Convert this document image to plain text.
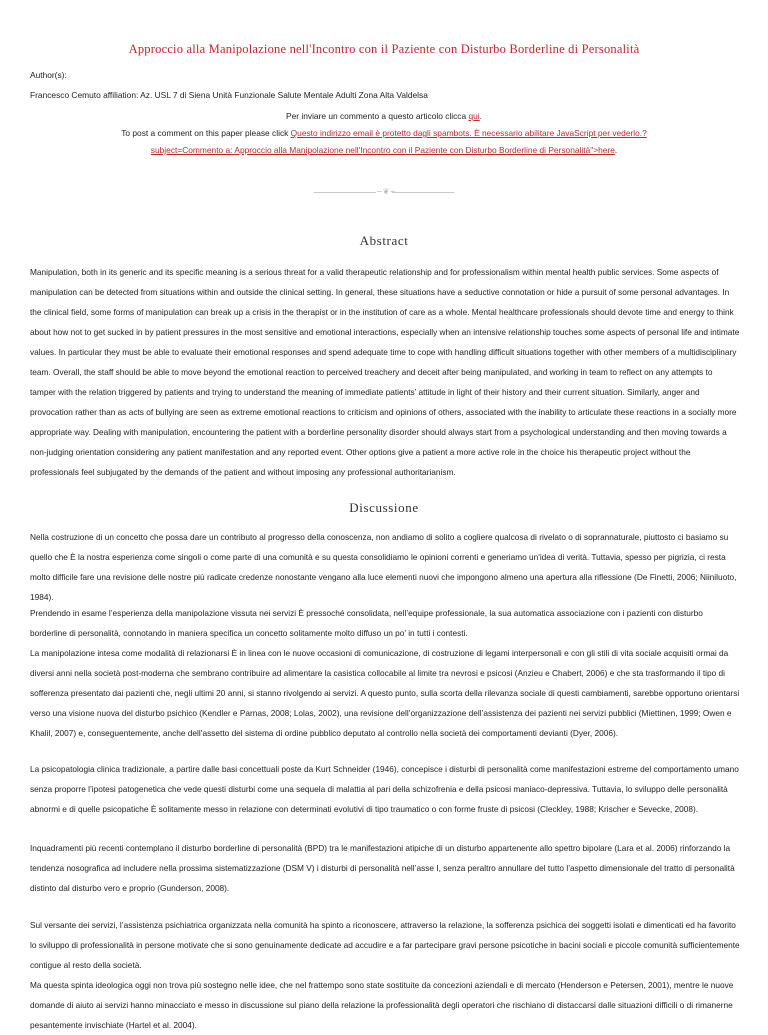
Approccio alla Manipolazione nell'Incontro con il Paziente con Disturbo Borderline di Personalità
Author(s):
Francesco Cemuto affiliation: Az. USL 7 di Siena Unità Funzionale Salute Mentale Adulti Zona Alta Valdelsa
Per inviare un commento a questo articolo clicca qui.
To post a comment on this paper please click Questo indirizzo email è protetto dagli spambots. È necessario abilitare JavaScript per vederlo.?
subject=Commento a: Approccio alla Manipolazione nell'Incontro con il Paziente con Disturbo Borderline di Personalità">here.
~❦~
Abstract

Manipulation, both in its generic and its specific meaning is a serious threat for a valid therapeutic relationship and for professionalism within mental health public services. Some aspects of manipulation can be detected from situations within and outside the clinical setting. In general, these situations have a seductive connotation or hide a pursuit of some personal advantages. In the clinical field, some forms of manipulation can break up a crisis in the therapist or in the institution of care as a whole. Mental healthcare professionals should devote time and energy to think about how not to get sucked in by patient pressures in the most sensitive and emotional interactions, especially when an intensive relationship touches some aspects of personal life and intimate values. In particular they must be able to evaluate their emotional responses and spend adequate time to cope with handling difficult situations together with other members of a multidisciplinary team. Overall, the staff should be able to move beyond the emotional reaction to perceived treachery and deceit after being manipulated, and working in team to reflect on any attempts to tamper with the relation triggered by patients and trying to understand the meaning of immediate patients’ attitude in light of their history and their current situation. Similarly, anger and provocation rather than as acts of bullying are seen as extreme emotional reactions to criticism and opinions of others, associated with the inability to articulate these reactions in a socially more appropriate way. Dealing with manipulation, encountering the patient with a borderline personality disorder should always start from a psychological understanding and then moving towards a non-judging orientation considering any patient manifestation and any reported event. Other options give a patient a more active role in the choice his therapeutic project without the professionals feel subjugated by the demands of the patient and without imposing any professional authoritarianism.

Discussione

Nella costruzione di un concetto che possa dare un contributo al progresso della conoscenza, non andiamo di solito a cogliere qualcosa di rivelato o di soprannaturale, piuttosto ci basiamo su quello che È la nostra esperienza come singoli o come parte di una comunità e su questa consolidiamo le opinioni correnti e generiamo un'idea di verità. Tuttavia, spesso per pigrizia, ci resta molto difficile fare una revisione delle nostre più radicate credenze nonostante vengano alla luce elementi nuovi che impongono almeno una apertura alla riflessione (De Finetti, 2006; Niiniluoto, 1984).

Prendendo in esame l’esperienza della manipolazione vissuta nei servizi È pressoché consolidata, nell’equipe professionale, la sua automatica associazione con i pazienti con disturbo borderline di personalità, connotando in maniera specifica un concetto solitamente molto diffuso un po’ in tutti i contesti.

La manipolazione intesa come modalità di relazionarsi È in linea con le nuove occasioni di comunicazione, di costruzione di legami interpersonali e con gli stili di vita sociale acquisiti ormai da diversi anni nella società post-moderna che sembrano contribuire ad alimentare la casistica collocabile al limite tra nevrosi e psicosi (Anzieu e Chabert, 2006) e che sta trasformando il tipo di sofferenza presentato dai pazienti che, negli ultimi 20 anni, si stanno rivolgendo ai servizi. A questo punto, sulla scorta della rilevanza sociale di questi cambiamenti, sarebbe opportuno orientarsi verso una visione nuova del disturbo psichico (Kendler e Parnas, 2008; Lolas, 2002), una revisione dell’organizzazione dell’assistenza dei pazienti nei servizi pubblici (Miettinen, 1999; Owen e Khalil, 2007) e, conseguentemente, anche dell’assetto del sistema di ordine pubblico deputato al controllo nella società dei comportamenti devianti (Dyer, 2006).

La psicopatologia clinica tradizionale, a partire dalle basi concettuali poste da Kurt Schneider (1946), concepisce i disturbi di personalità come manifestazioni estreme del comportamento umano senza proporre l’ipotesi patogenetica che vede questi disturbi come una sequela di malattia al pari della schizofrenia e della psicosi maniaco-depressiva. Tuttavia, lo sviluppo delle personalità abnormi e di quelle psicopatiche È solitamente messo in relazione con determinati evolutivi di tipo traumatico o con forme fruste di psicosi (Cleckley, 1988; Krischer e Sevecke, 2008).

Inquadramenti più recenti contemplano il disturbo borderline di personalità (BPD) tra le manifestazioni atipiche di un disturbo appartenente allo spettro bipolare (Lara et al. 2006) rinforzando la tendenza nosografica ad includere nella prossima sistematizzazione (DSM V) i disturbi di personalità nell’asse I, senza peraltro annullare del tutto l’aspetto dimensionale del tratto di personalità distinto dal disturbo vero e proprio (Gunderson, 2008).

Sul versante dei servizi, l’assistenza psichiatrica organizzata nella comunità ha spinto a riconoscere, attraverso la relazione, la sofferenza psichica dei soggetti isolati e dimenticati ed ha favorito lo sviluppo di professionalità in persone motivate che si sono genuinamente dedicate ad accudire e a far partecipare gravi persone psicotiche in bacini sociali e piccole comunità sufficientemente contigue al resto della società.

Ma questa spinta ideologica oggi non trova più sostegno nelle idee, che nel frattempo sono state sostituite da concezioni aziendali e di mercato (Henderson e Petersen, 2001), mentre le nuove domande di aiuto ai servizi hanno minacciato e messo in discussione sul piano della relazione la professionalità degli operatori che rischiano di distaccarsi dalle situazioni difficili o di rimanerne pesantemente invischiate (Hartel et al. 2004).
